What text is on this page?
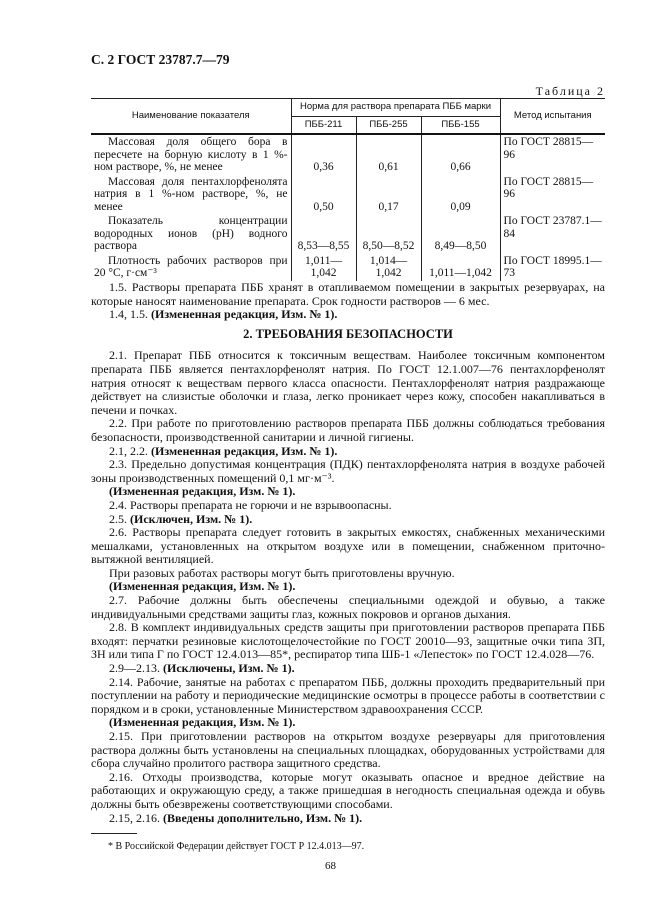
С. 2 ГОСТ 23787.7—79
Таблица 2
Наименование показателя	Норма для раствора препарата ПББ марки			Метод испытания
	ПББ-211	ПББ-255	ПББ-155	
Массовая доля общего бора в пересчете на борную кислоту в 1 %-ном растворе, %, не менее	0,36	0,61	0,66	По ГОСТ 28815—96
Массовая доля пентахлорфенолята натрия в 1 %-ном растворе, %, не менее	0,50	0,17	0,09	По ГОСТ 28815—96
Показатель концентрации водородных ионов (pH) водного раствора	8,53—8,55	8,50—8,52	8,49—8,50	По ГОСТ 23787.1—84
Плотность рабочих растворов при 20 °С, г·см⁻³	1,011—1,042	1,014—1,042	1,011—1,042	По ГОСТ 18995.1—73

1.5. Растворы препарата ПББ хранят в отапливаемом помещении в закрытых резервуарах, на которые наносят наименование препарата. Срок годности растворов — 6 мес.

1.4, 1.5. (Измененная редакция, Изм. № 1).

2. ТРЕБОВАНИЯ БЕЗОПАСНОСТИ

2.1. Препарат ПББ относится к токсичным веществам. Наиболее токсичным компонентом препарата ПББ является пентахлорфенолят натрия. По ГОСТ 12.1.007—76 пентахлорфенолят натрия относят к веществам первого класса опасности. Пентахлорфенолят натрия раздражающе действует на слизистые оболочки и глаза, легко проникает через кожу, способен накапливаться в печени и почках.

2.2. При работе по приготовлению растворов препарата ПББ должны соблюдаться требования безопасности, производственной санитарии и личной гигиены.

2.1, 2.2. (Измененная редакция, Изм. № 1).

2.3. Предельно допустимая концентрация (ПДК) пентахлорфенолята натрия в воздухе рабочей зоны производственных помещений 0,1 мг·м⁻³.

(Измененная редакция, Изм. № 1).

2.4. Растворы препарата не горючи и не взрывоопасны.

2.5. (Исключен, Изм. № 1).

2.6. Растворы препарата следует готовить в закрытых емкостях, снабженных механическими мешалками, установленных на открытом воздухе или в помещении, снабженном приточно-вытяжной вентиляцией.

При разовых работах растворы могут быть приготовлены вручную.

(Измененная редакция, Изм. № 1).

2.7. Рабочие должны быть обеспечены специальными одеждой и обувью, а также индивидуальными средствами защиты глаз, кожных покровов и органов дыхания.

2.8. В комплект индивидуальных средств защиты при приготовлении растворов препарата ПББ входят: перчатки резиновые кислотощелочестойкие по ГОСТ 20010—93, защитные очки типа ЗП, ЗН или типа Г по ГОСТ 12.4.013—85*, респиратор типа ШБ-1 «Лепесток» по ГОСТ 12.4.028—76.

2.9—2.13. (Исключены, Изм. № 1).

2.14. Рабочие, занятые на работах с препаратом ПББ, должны проходить предварительный при поступлении на работу и периодические медицинские осмотры в процессе работы в соответствии с порядком и в сроки, установленные Министерством здравоохранения СССР.

(Измененная редакция, Изм. № 1).

2.15. При приготовлении растворов на открытом воздухе резервуары для приготовления раствора должны быть установлены на специальных площадках, оборудованных устройствами для сбора случайно пролитого раствора защитного средства.

2.16. Отходы производства, которые могут оказывать опасное и вредное действие на работающих и окружающую среду, а также пришедшая в негодность специальная одежда и обувь должны быть обезврежены соответствующими способами.

2.15, 2.16. (Введены дополнительно, Изм. № 1).

* В Российской Федерации действует ГОСТ Р 12.4.013—97.
68
